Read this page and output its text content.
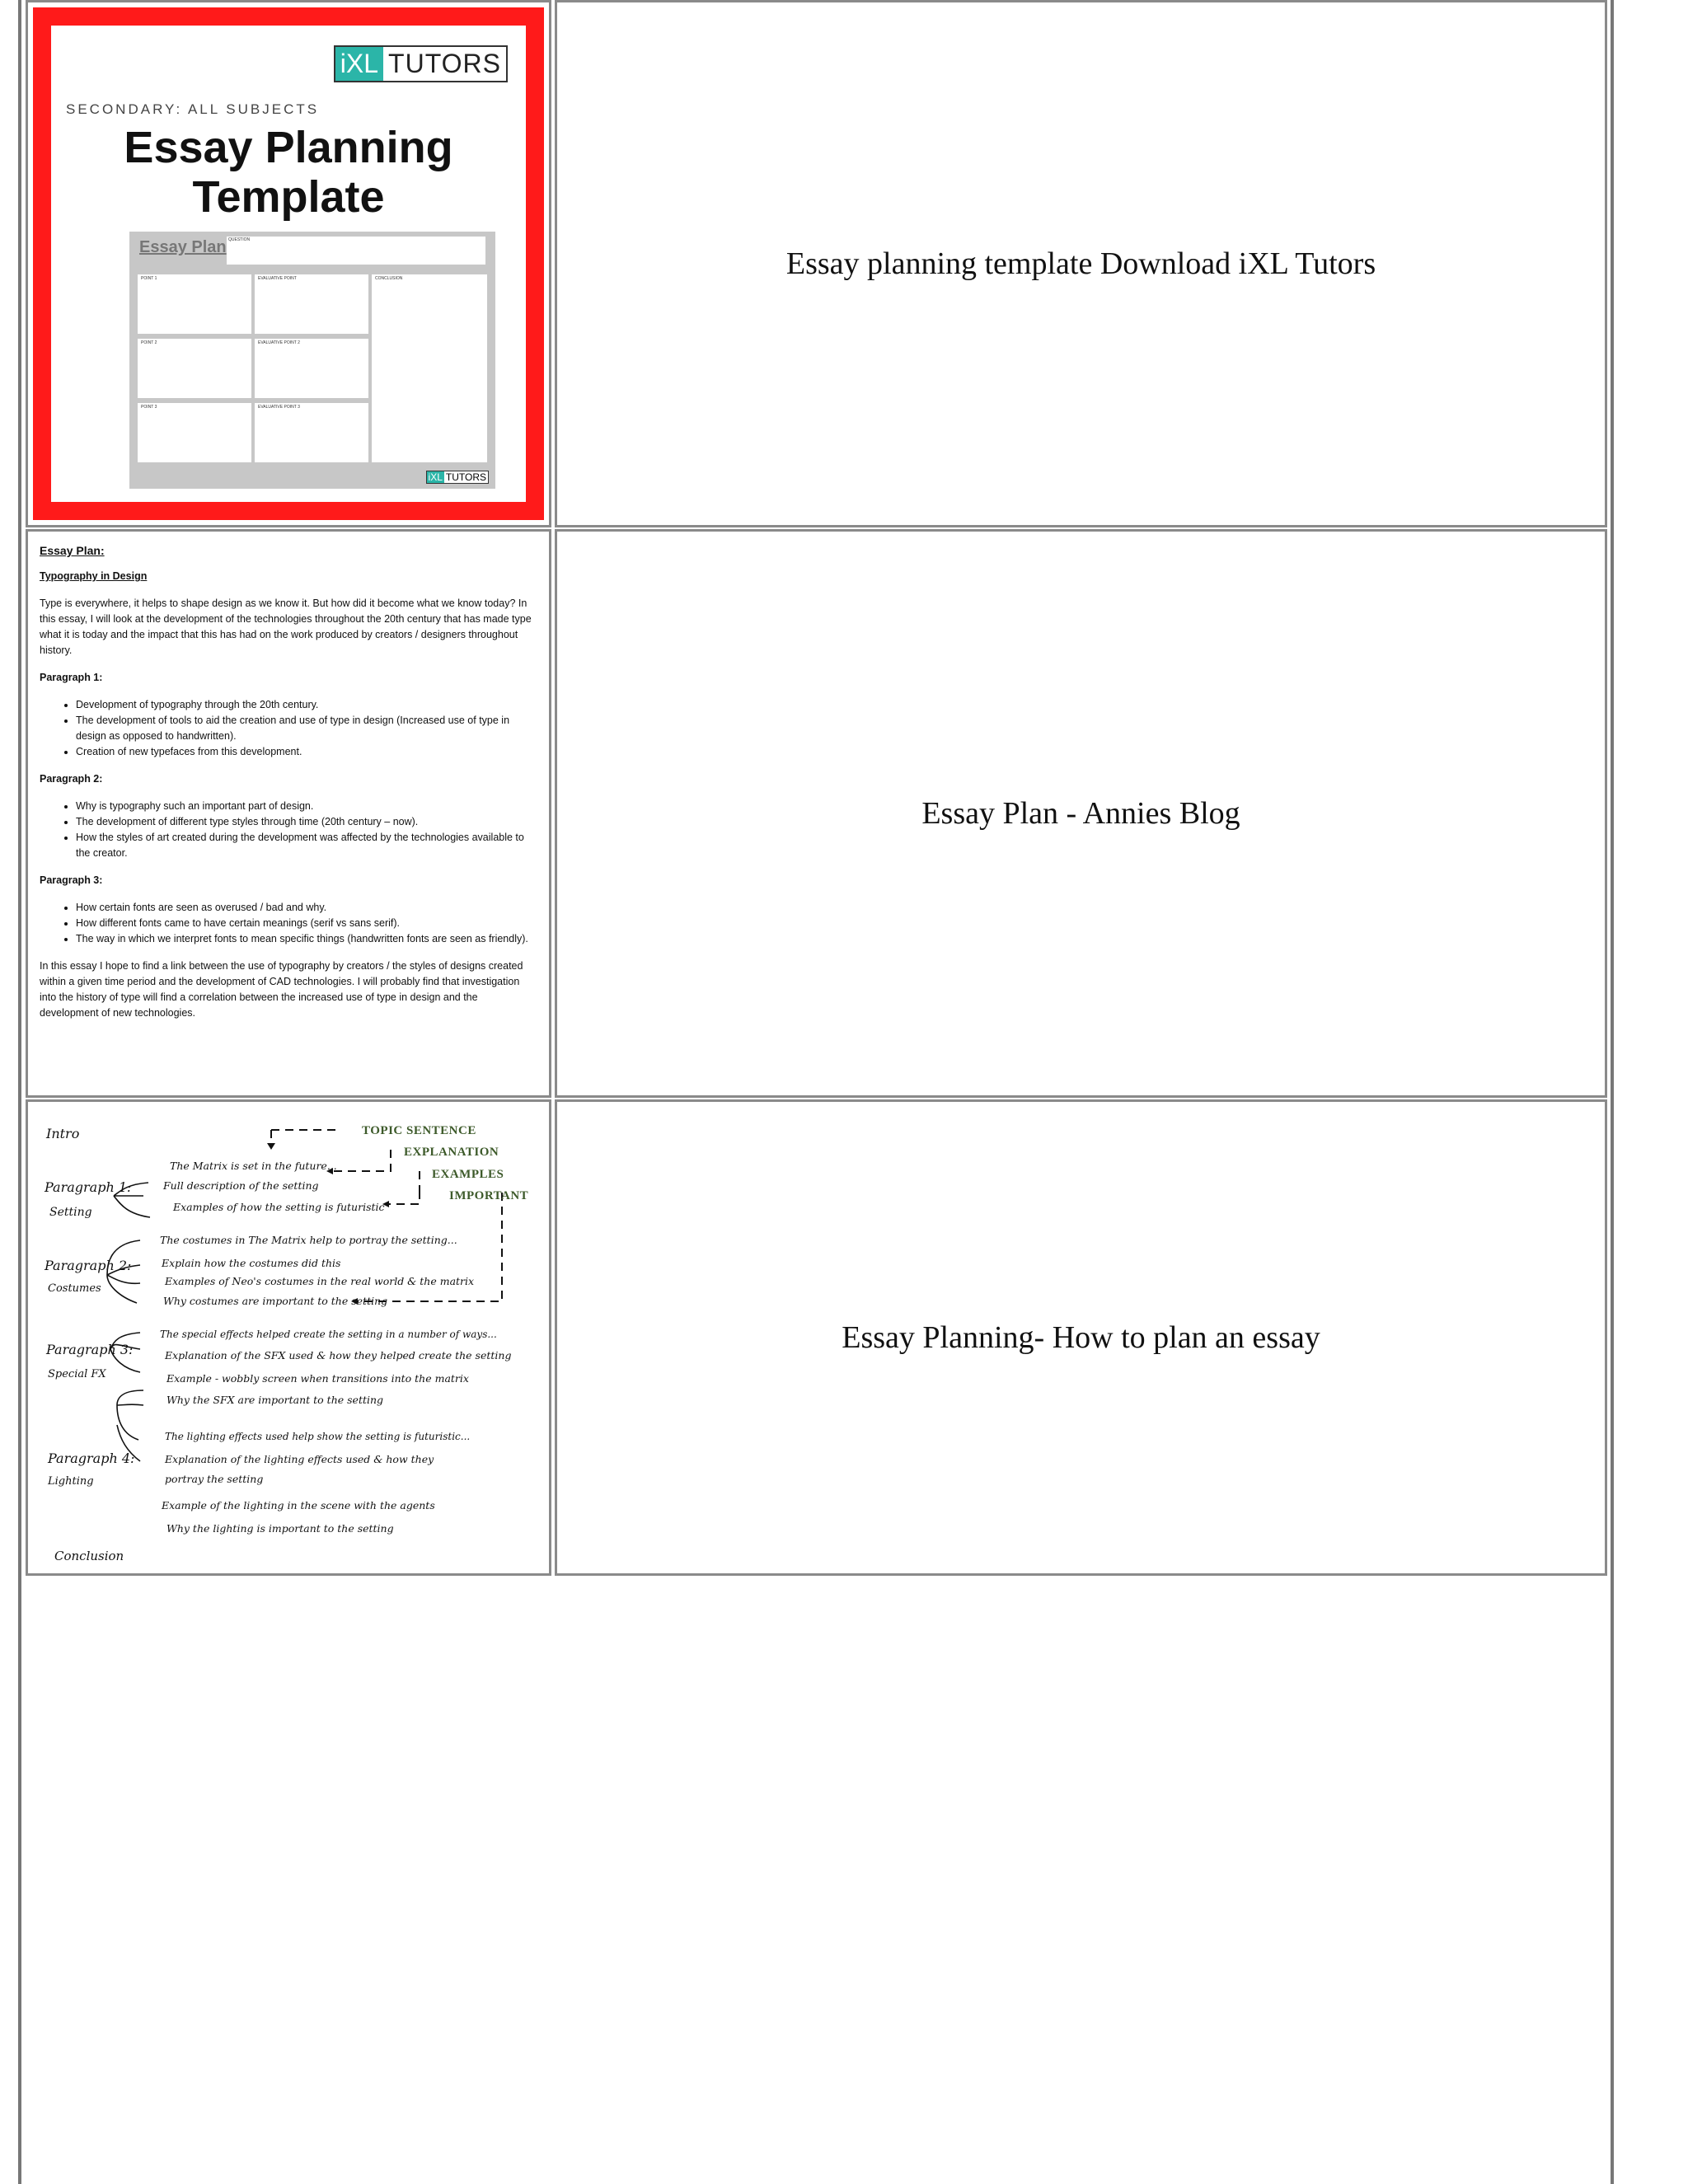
iXL TUTORS
SECONDARY: ALL SUBJECTS
Essay Planning
Template
Essay Plan QUESTION
POINT 1	EVALUATIVE POINT	CONCLUSION
POINT 2	EVALUATIVE POINT 2
POINT 3	EVALUATIVE POINT 3
iXL TUTORS
Essay planning template Download iXL Tutors
Essay Plan:
Typography in Design

Type is everywhere, it helps to shape design as we know it. But how did it become what we know today? In this essay, I will look at the development of the technologies throughout the 20th century that has made type what it is today and the impact that this has had on the work produced by creators / designers throughout history.

Paragraph 1:
• Development of typography through the 20th century.
• The development of tools to aid the creation and use of type in design (Increased use of type in design as opposed to handwritten).
• Creation of new typefaces from this development.
Paragraph 2:
• Why is typography such an important part of design.
• The development of different type styles through time (20th century – now).
• How the styles of art created during the development was affected by the technologies available to the creator.
Paragraph 3:
• How certain fonts are seen as overused / bad and why.
• How different fonts came to have certain meanings (serif vs sans serif).
• The way in which we interpret fonts to mean specific things (handwritten fonts are seen as friendly).

In this essay I hope to find a link between the use of typography by creators / the styles of designs created within a given time period and the development of CAD technologies. I will probably find that investigation into the history of type will find a correlation between the increased use of type in design and the development of new technologies.

Essay Plan - Annies Blog
TOPIC SENTENCE
EXPLANATION
EXAMPLES
IMPORTANT
Intro
Paragraph 1:
Setting
The Matrix is set in the future...
Full description of the setting
Examples of how the setting is futuristic
Paragraph 2:
Costumes
The costumes in The Matrix help to portray the setting...
Explain how the costumes did this
Examples of Neo's costumes in the real world & the matrix
Why costumes are important to the setting
Paragraph 3:
Special FX
The special effects helped create the setting in a number of ways...
Explanation of the SFX used & how they helped create the setting
Example - wobbly screen when transitions into the matrix
Why the SFX are important to the setting
Paragraph 4:
Lighting
The lighting effects used help show the setting is futuristic...
Explanation of the lighting effects used & how they
portray the setting
Example of the lighting in the scene with the agents
Why the lighting is important to the setting
Conclusion
Essay Planning- How to plan an essay
